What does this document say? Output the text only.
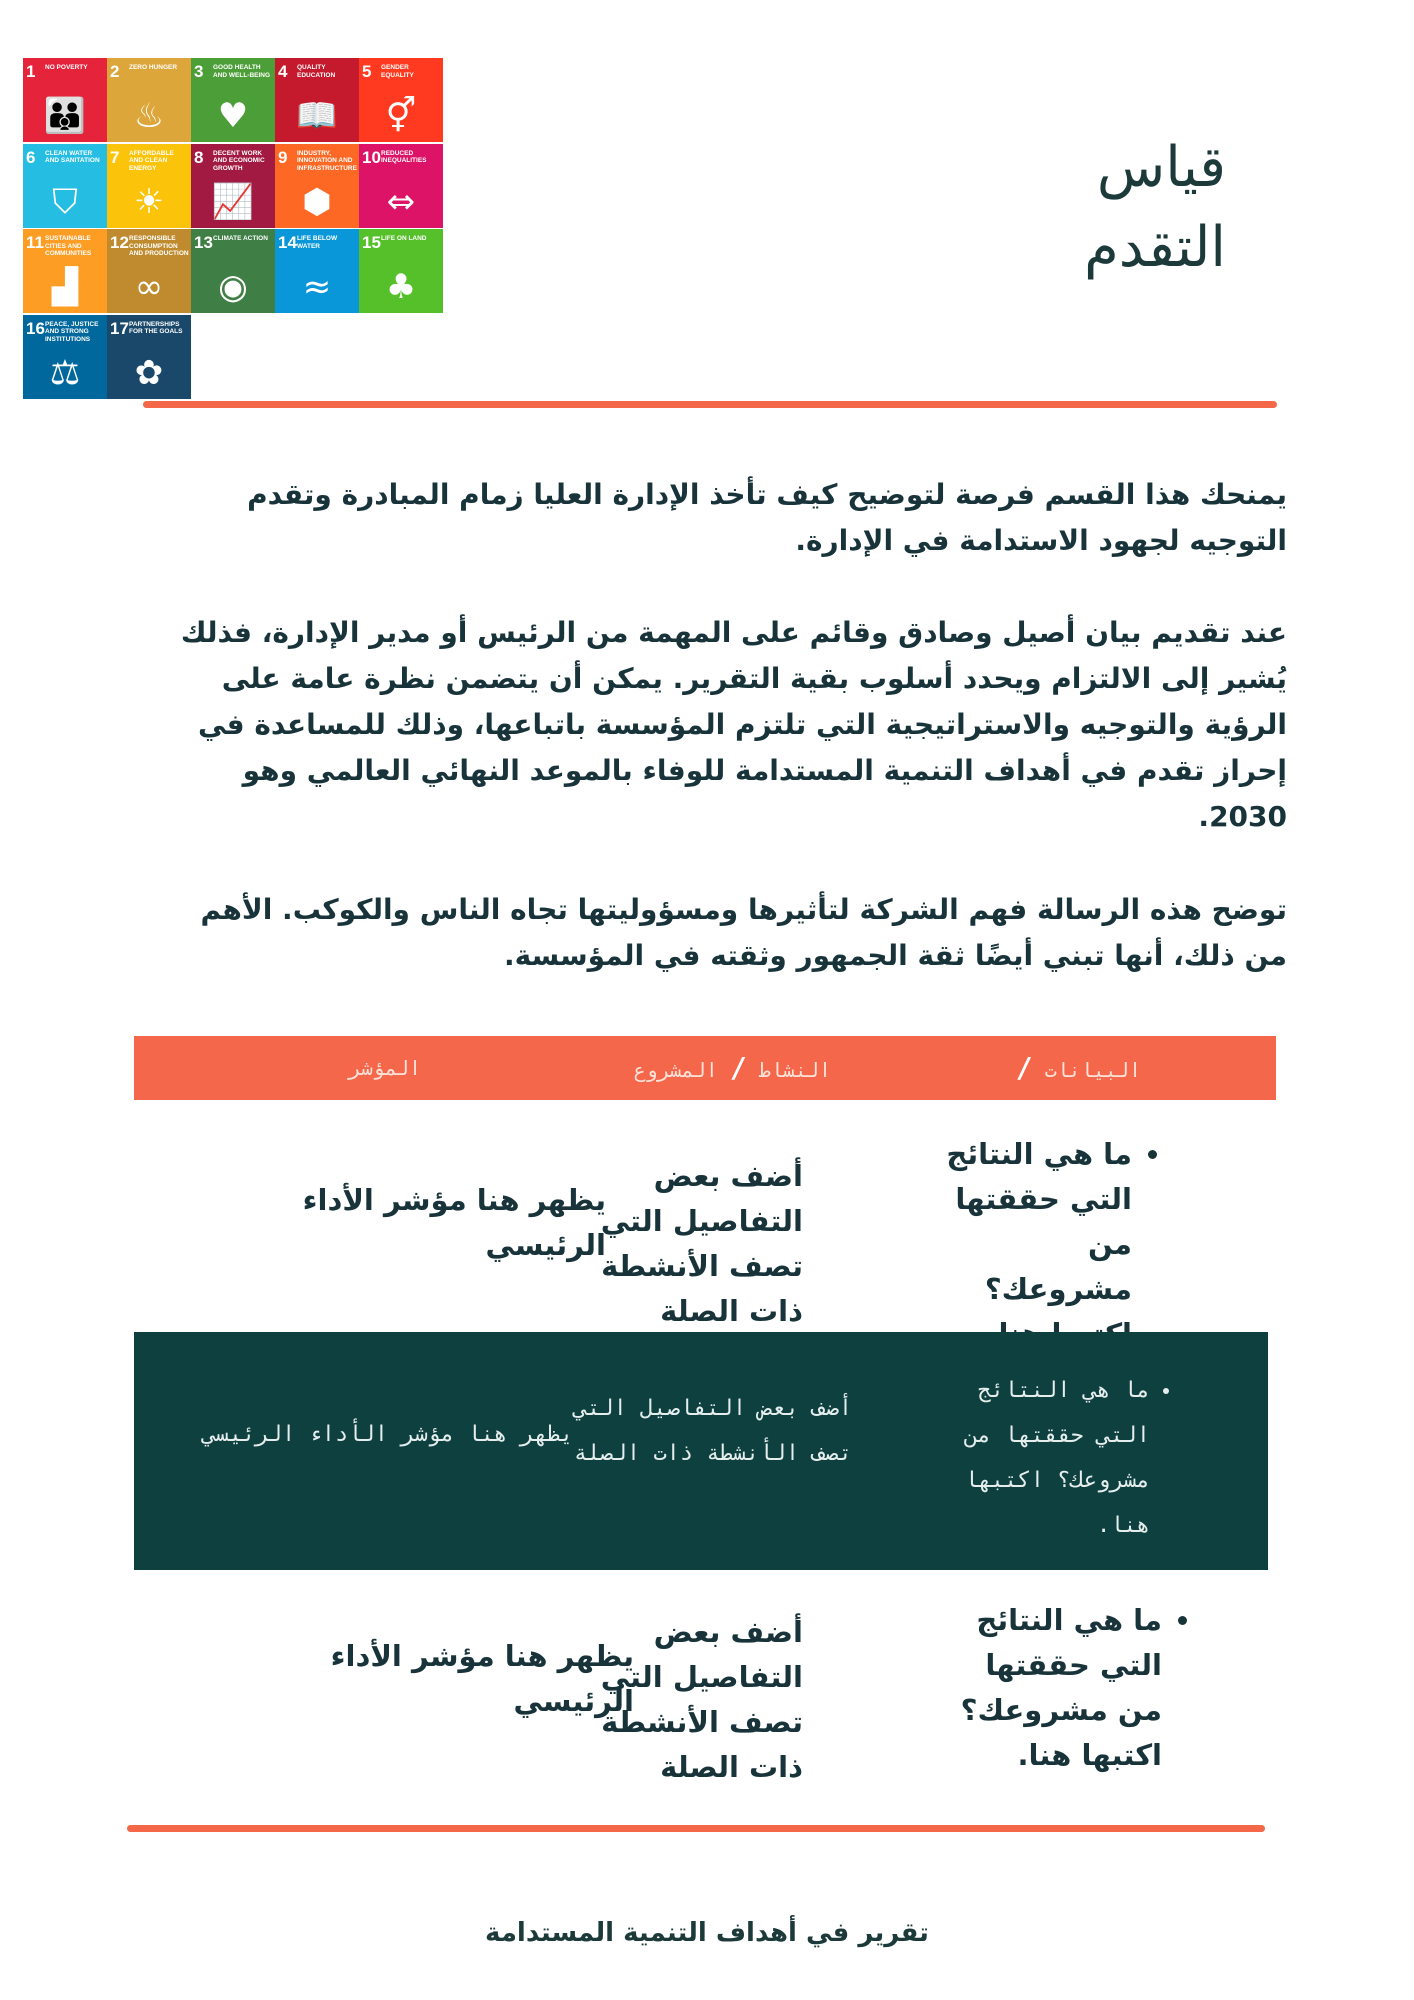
1 NO POVERTY
👪
2 ZERO HUNGER
♨
3 GOOD HEALTH AND WELL-BEING
♥
4 QUALITY EDUCATION
📖
5 GENDER EQUALITY
⚥
6 CLEAN WATER AND SANITATION
⛉
7 AFFORDABLE AND CLEAN ENERGY
☀
8 DECENT WORK AND ECONOMIC GROWTH
📈
9 INDUSTRY, INNOVATION AND INFRASTRUCTURE
⬢
10 REDUCED INEQUALITIES
⇔
11 SUSTAINABLE CITIES AND COMMUNITIES
▟
12 RESPONSIBLE CONSUMPTION AND PRODUCTION
∞
13 CLIMATE ACTION
◉
14 LIFE BELOW WATER
≈
15 LIFE ON LAND
♣
16 PEACE, JUSTICE AND STRONG INSTITUTIONS
⚖
17 PARTNERSHIPS FOR THE GOALS
✿
قياس
التقدم
يمنحك هذا القسم فرصة لتوضيح كيف تأخذ الإدارة العليا زمام المبادرة وتقدم التوجيه لجهود الاستدامة في الإدارة.
عند تقديم بيان أصيل وصادق وقائم على المهمة من الرئيس أو مدير الإدارة، فذلك يُشير إلى الالتزام ويحدد أسلوب بقية التقرير. يمكن أن يتضمن نظرة عامة على الرؤية والتوجيه والاستراتيجية التي تلتزم المؤسسة باتباعها، وذلك للمساعدة في إحراز تقدم في أهداف التنمية المستدامة للوفاء بالموعد النهائي العالمي وهو 2030.
توضح هذه الرسالة فهم الشركة لتأثيرها ومسؤوليتها تجاه الناس والكوكب. الأهم من ذلك، أنها تبني أيضًا ثقة الجمهور وثقته في المؤسسة.
البيانات /
النشاط / المشروع
المؤشر
• ما هي النتائج التي حققتها من مشروعك؟
أضف بعض التفاصيل التي تصف الأنشطة ذات الصلة
يظهر هنا مؤشر الأداء الرئيسي
• ما هي النتائج التي حققتها من مشروعك؟ اكتبها هنا.
أضف بعض التفاصيل التي تصف الأنشطة ذات الصلة
يظهر هنا مؤشر الأداء الرئيسي
• ما هي النتائج التي حققتها من مشروعك؟ اكتبها هنا.
أضف بعض التفاصيل التي تصف الأنشطة ذات الصلة
يظهر هنا مؤشر الأداء الرئيسي
تقرير في أهداف التنمية المستدامة
